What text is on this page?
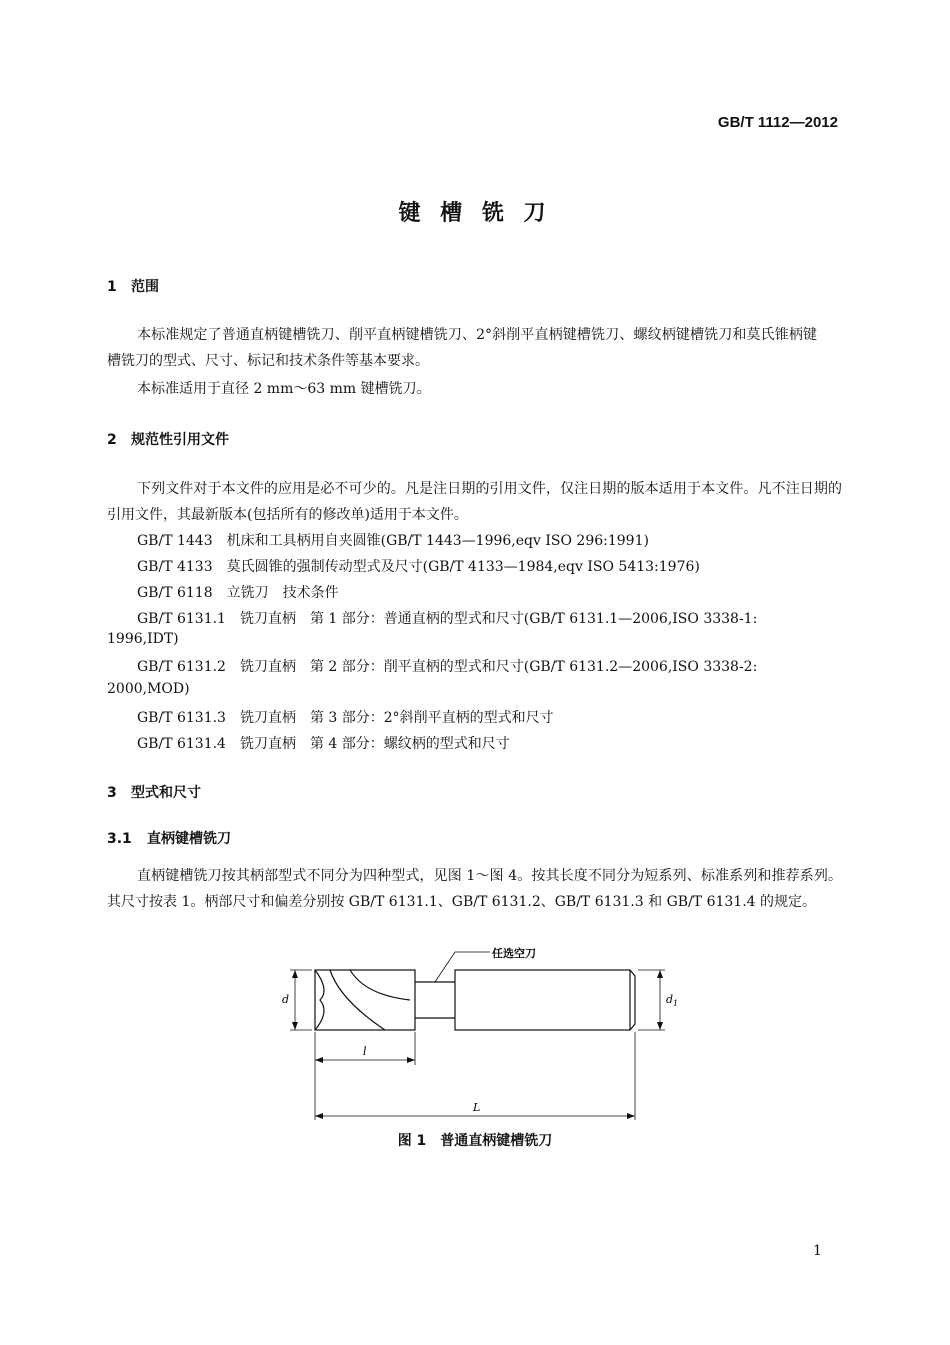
GB/T 1112—2012
键 槽 铣 刀
1 范围
本标准规定了普通直柄键槽铣刀、削平直柄键槽铣刀、2°斜削平直柄键槽铣刀、螺纹柄键槽铣刀和莫氏锥柄键槽铣刀的型式、尺寸、标记和技术条件等基本要求。
本标准适用于直径 2 mm～63 mm 键槽铣刀。
2 规范性引用文件
下列文件对于本文件的应用是必不可少的。凡是注日期的引用文件，仅注日期的版本适用于本文件。凡不注日期的引用文件，其最新版本(包括所有的修改单)适用于本文件。
GB/T 1443　机床和工具柄用自夹圆锥(GB/T 1443—1996,eqv ISO 296:1991)
GB/T 4133　莫氏圆锥的强制传动型式及尺寸(GB/T 4133—1984,eqv ISO 5413:1976)
GB/T 6118　立铣刀　技术条件
GB/T 6131.1　铣刀直柄　第 1 部分：普通直柄的型式和尺寸(GB/T 6131.1—2006,ISO 3338-1:
1996,IDT)
GB/T 6131.2　铣刀直柄　第 2 部分：削平直柄的型式和尺寸(GB/T 6131.2—2006,ISO 3338-2:
2000,MOD)
GB/T 6131.3　铣刀直柄　第 3 部分：2°斜削平直柄的型式和尺寸
GB/T 6131.4　铣刀直柄　第 4 部分：螺纹柄的型式和尺寸
3 型式和尺寸
3.1 直柄键槽铣刀
直柄键槽铣刀按其柄部型式不同分为四种型式，见图 1～图 4。按其长度不同分为短系列、标准系列和推荐系列。其尺寸按表 1。柄部尺寸和偏差分别按 GB/T 6131.1、GB/T 6131.2、GB/T 6131.3 和 GB/T 6131.4 的规定。
任选空刀
d	$d_1$
l
L
图 1　普通直柄键槽铣刀
1
